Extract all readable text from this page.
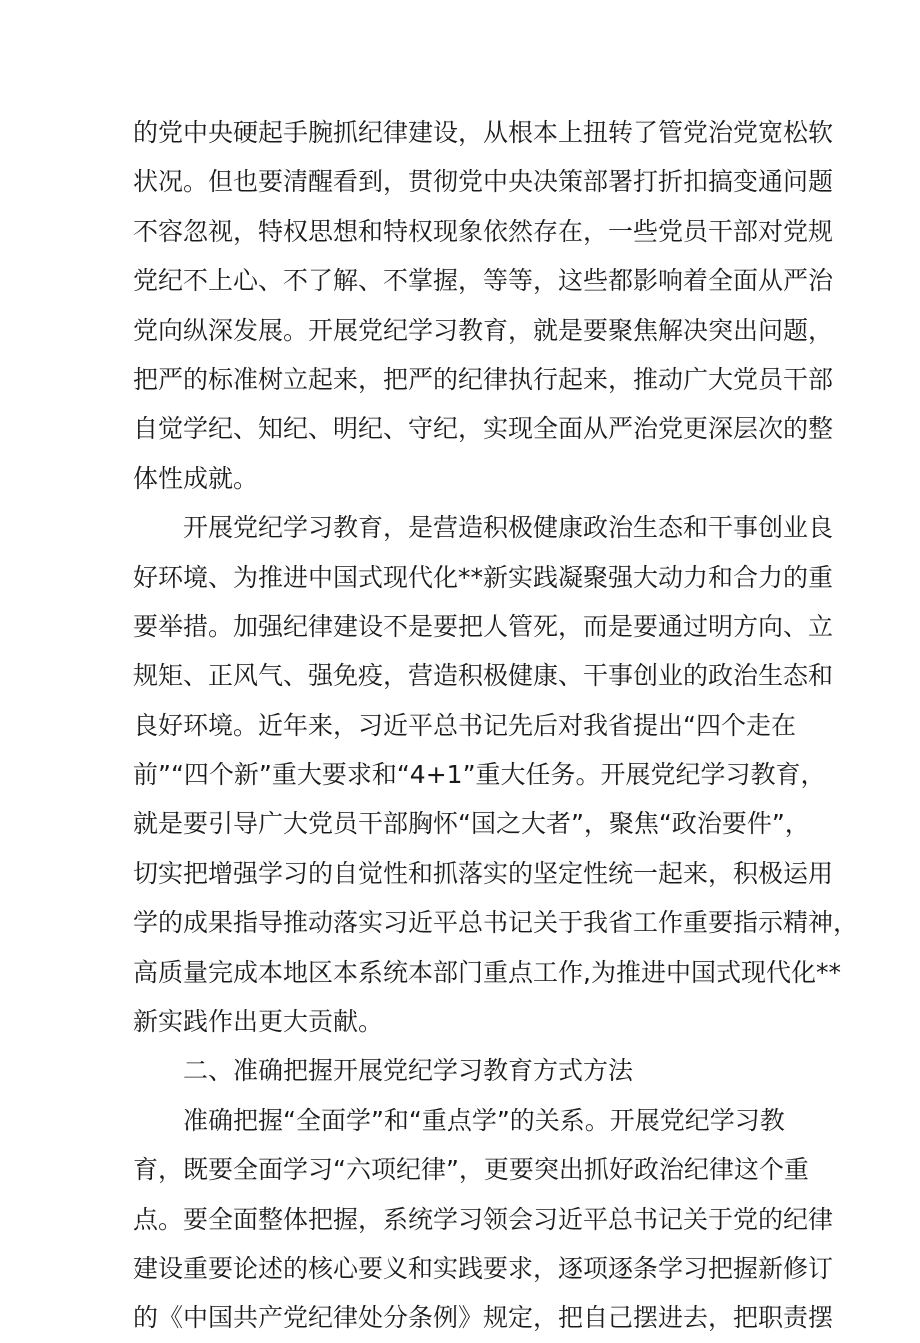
的党中央硬起手腕抓纪律建设，从根本上扭转了管党治党宽松软
状况。但也要清醒看到，贯彻党中央决策部署打折扣搞变通问题
不容忽视，特权思想和特权现象依然存在，一些党员干部对党规
党纪不上心、不了解、不掌握，等等，这些都影响着全面从严治
党向纵深发展。开展党纪学习教育，就是要聚焦解决突出问题，
把严的标准树立起来，把严的纪律执行起来，推动广大党员干部
自觉学纪、知纪、明纪、守纪，实现全面从严治党更深层次的整
体性成就。
开展党纪学习教育，是营造积极健康政治生态和干事创业良
好环境、为推进中国式现代化**新实践凝聚强大动力和合力的重
要举措。加强纪律建设不是要把人管死，而是要通过明方向、立
规矩、正风气、强免疫，营造积极健康、干事创业的政治生态和
良好环境。近年来，习近平总书记先后对我省提出“四个走在
前”“四个新”重大要求和“4+1”重大任务。开展党纪学习教育，
就是要引导广大党员干部胸怀“国之大者”，聚焦“政治要件”，
切实把增强学习的自觉性和抓落实的坚定性统一起来，积极运用
学的成果指导推动落实习近平总书记关于我省工作重要指示精神，
高质量完成本地区本系统本部门重点工作,为推进中国式现代化**
新实践作出更大贡献。
二、准确把握开展党纪学习教育方式方法
准确把握“全面学”和“重点学”的关系。开展党纪学习教
育，既要全面学习“六项纪律”，更要突出抓好政治纪律这个重
点。要全面整体把握，系统学习领会习近平总书记关于党的纪律
建设重要论述的核心要义和实践要求，逐项逐条学习把握新修订
的《中国共产党纪律处分条例》规定，把自己摆进去，把职责摆
